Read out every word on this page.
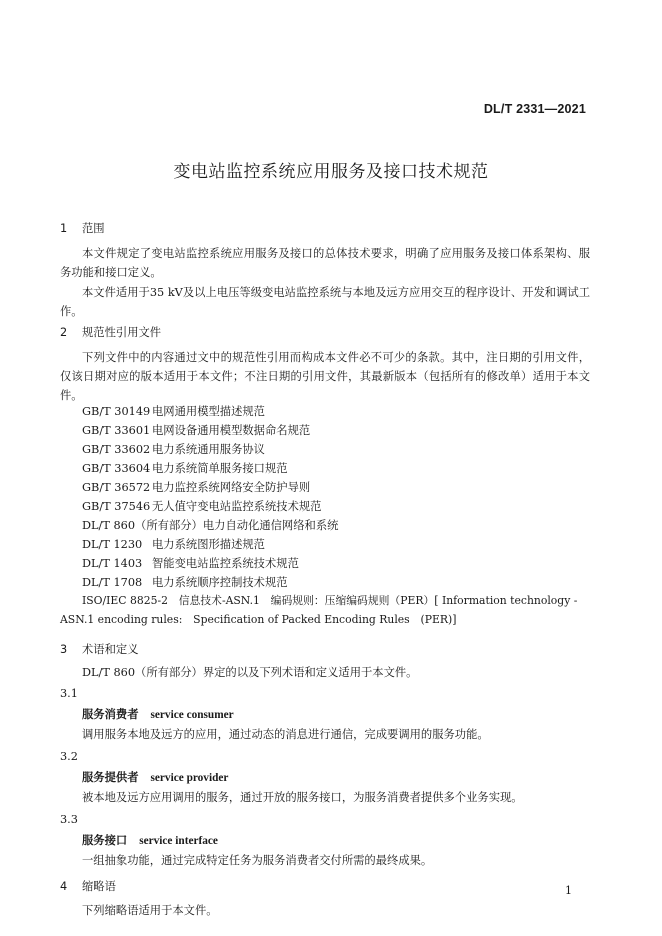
DL/T 2331—2021
变电站监控系统应用服务及接口技术规范
1 范围
本文件规定了变电站监控系统应用服务及接口的总体技术要求，明确了应用服务及接口体系架构、服务功能和接口定义。
本文件适用于35 kV及以上电压等级变电站监控系统与本地及远方应用交互的程序设计、开发和调试工作。
2 规范性引用文件
下列文件中的内容通过文中的规范性引用而构成本文件必不可少的条款。其中，注日期的引用文件，仅该日期对应的版本适用于本文件；不注日期的引用文件，其最新版本（包括所有的修改单）适用于本文件。
GB/T 30149 电网通用模型描述规范
GB/T 33601 电网设备通用模型数据命名规范
GB/T 33602 电力系统通用服务协议
GB/T 33604 电力系统简单服务接口规范
GB/T 36572 电力监控系统网络安全防护导则
GB/T 37546 无人值守变电站监控系统技术规范
DL/T 860（所有部分）电力自动化通信网络和系统
DL/T 1230 电力系统图形描述规范
DL/T 1403 智能变电站监控系统技术规范
DL/T 1708 电力系统顺序控制技术规范
ISO/IEC 8825-2　信息技术-ASN.1　编码规则：压缩编码规则（PER）[ Information technology -
ASN.1 encoding rules:　Specification of Packed Encoding Rules　(PER)]
3 术语和定义
DL/T 860（所有部分）界定的以及下列术语和定义适用于本文件。
3.1
服务消费者 service consumer
调用服务本地及远方的应用，通过动态的消息进行通信，完成要调用的服务功能。
3.2
服务提供者 service provider
被本地及远方应用调用的服务，通过开放的服务接口，为服务消费者提供多个业务实现。
3.3
服务接口 service interface
一组抽象功能，通过完成特定任务为服务消费者交付所需的最终成果。
4 缩略语
下列缩略语适用于本文件。
1
